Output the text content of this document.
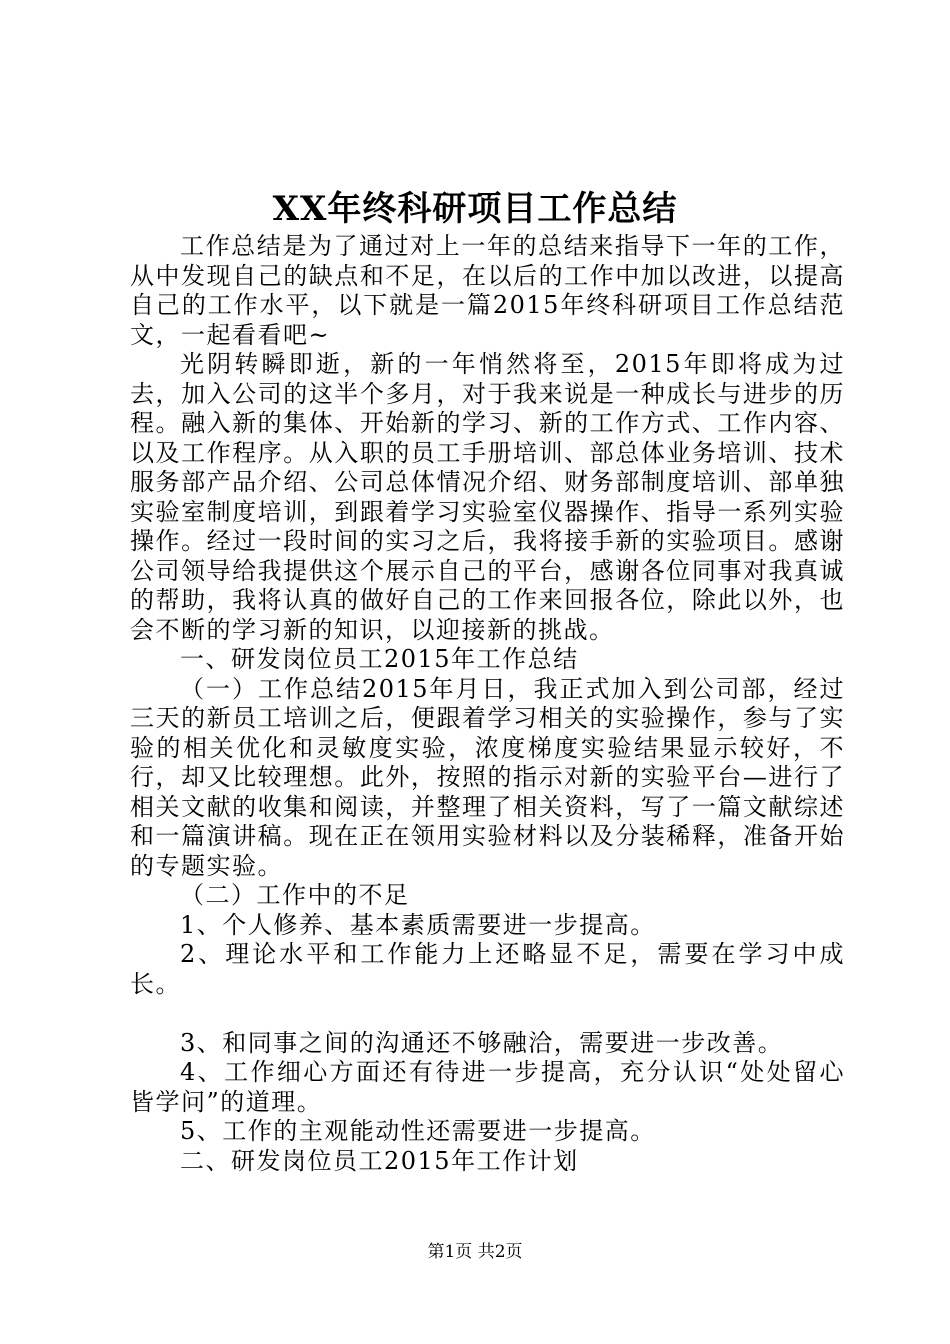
XX年终科研项目工作总结

工作总结是为了通过对上一年的总结来指导下一年的工作，从中发现自己的缺点和不足，在以后的工作中加以改进，以提高自己的工作水平，以下就是一篇2015年终科研项目工作总结范文，一起看看吧~

光阴转瞬即逝，新的一年悄然将至，2015年即将成为过去，加入公司的这半个多月，对于我来说是一种成长与进步的历程。融入新的集体、开始新的学习、新的工作方式、工作内容、以及工作程序。从入职的员工手册培训、部总体业务培训、技术服务部产品介绍、公司总体情况介绍、财务部制度培训、部单独实验室制度培训，到跟着学习实验室仪器操作、指导一系列实验操作。经过一段时间的实习之后，我将接手新的实验项目。感谢公司领导给我提供这个展示自己的平台，感谢各位同事对我真诚的帮助，我将认真的做好自己的工作来回报各位，除此以外，也会不断的学习新的知识，以迎接新的挑战。

一、研发岗位员工2015年工作总结

（一）工作总结2015年月日，我正式加入到公司部，经过三天的新员工培训之后，便跟着学习相关的实验操作，参与了实验的相关优化和灵敏度实验，浓度梯度实验结果显示较好，不行，却又比较理想。此外，按照的指示对新的实验平台—进行了相关文献的收集和阅读，并整理了相关资料，写了一篇文献综述和一篇演讲稿。现在正在领用实验材料以及分装稀释，准备开始的专题实验。

（二）工作中的不足

1、个人修养、基本素质需要进一步提高。

2、理论水平和工作能力上还略显不足，需要在学习中成长。

3、和同事之间的沟通还不够融洽，需要进一步改善。

4、工作细心方面还有待进一步提高，充分认识“处处留心皆学问”的道理。

5、工作的主观能动性还需要进一步提高。

二、研发岗位员工2015年工作计划

第1页 共2页
